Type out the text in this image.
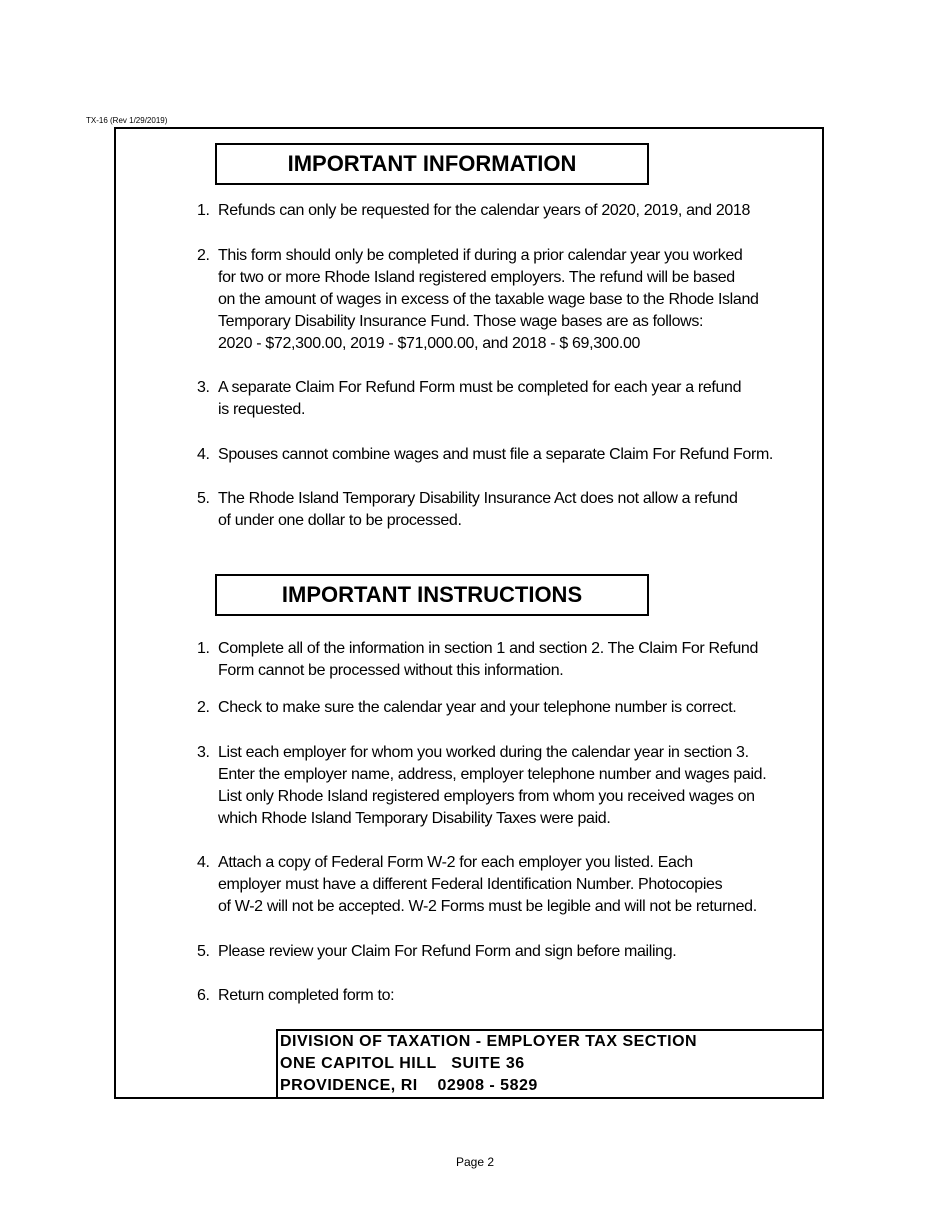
TX-16 (Rev 1/29/2019)
IMPORTANT INFORMATION
1. Refunds can only be requested for the calendar years of 2020, 2019, and 2018
2. This form should only be completed if during a prior calendar year you worked
for two or more Rhode Island registered employers. The refund will be based
on the amount of wages in excess of the taxable wage base to the Rhode Island
Temporary Disability Insurance Fund. Those wage bases are as follows:
2020 - $72,300.00, 2019 - $71,000.00, and 2018 - $ 69,300.00
3. A separate Claim For Refund Form must be completed for each year a refund
is requested.
4. Spouses cannot combine wages and must file a separate Claim For Refund Form.
5. The Rhode Island Temporary Disability Insurance Act does not allow a refund
of under one dollar to be processed.
IMPORTANT INSTRUCTIONS
1. Complete all of the information in section 1 and section 2. The Claim For Refund
Form cannot be processed without this information.
2. Check to make sure the calendar year and your telephone number is correct.
3. List each employer for whom you worked during the calendar year in section 3.
Enter the employer name, address, employer telephone number and wages paid.
List only Rhode Island registered employers from whom you received wages on
which Rhode Island Temporary Disability Taxes were paid.
4. Attach a copy of Federal Form W-2 for each employer you listed. Each
employer must have a different Federal Identification Number. Photocopies
of W-2 will not be accepted. W-2 Forms must be legible and will not be returned.
5. Please review your Claim For Refund Form and sign before mailing.
6. Return completed form to:
DIVISION OF TAXATION - EMPLOYER TAX SECTION
ONE CAPITOL HILL   SUITE 36
PROVIDENCE, RI    02908 - 5829
Page 2
